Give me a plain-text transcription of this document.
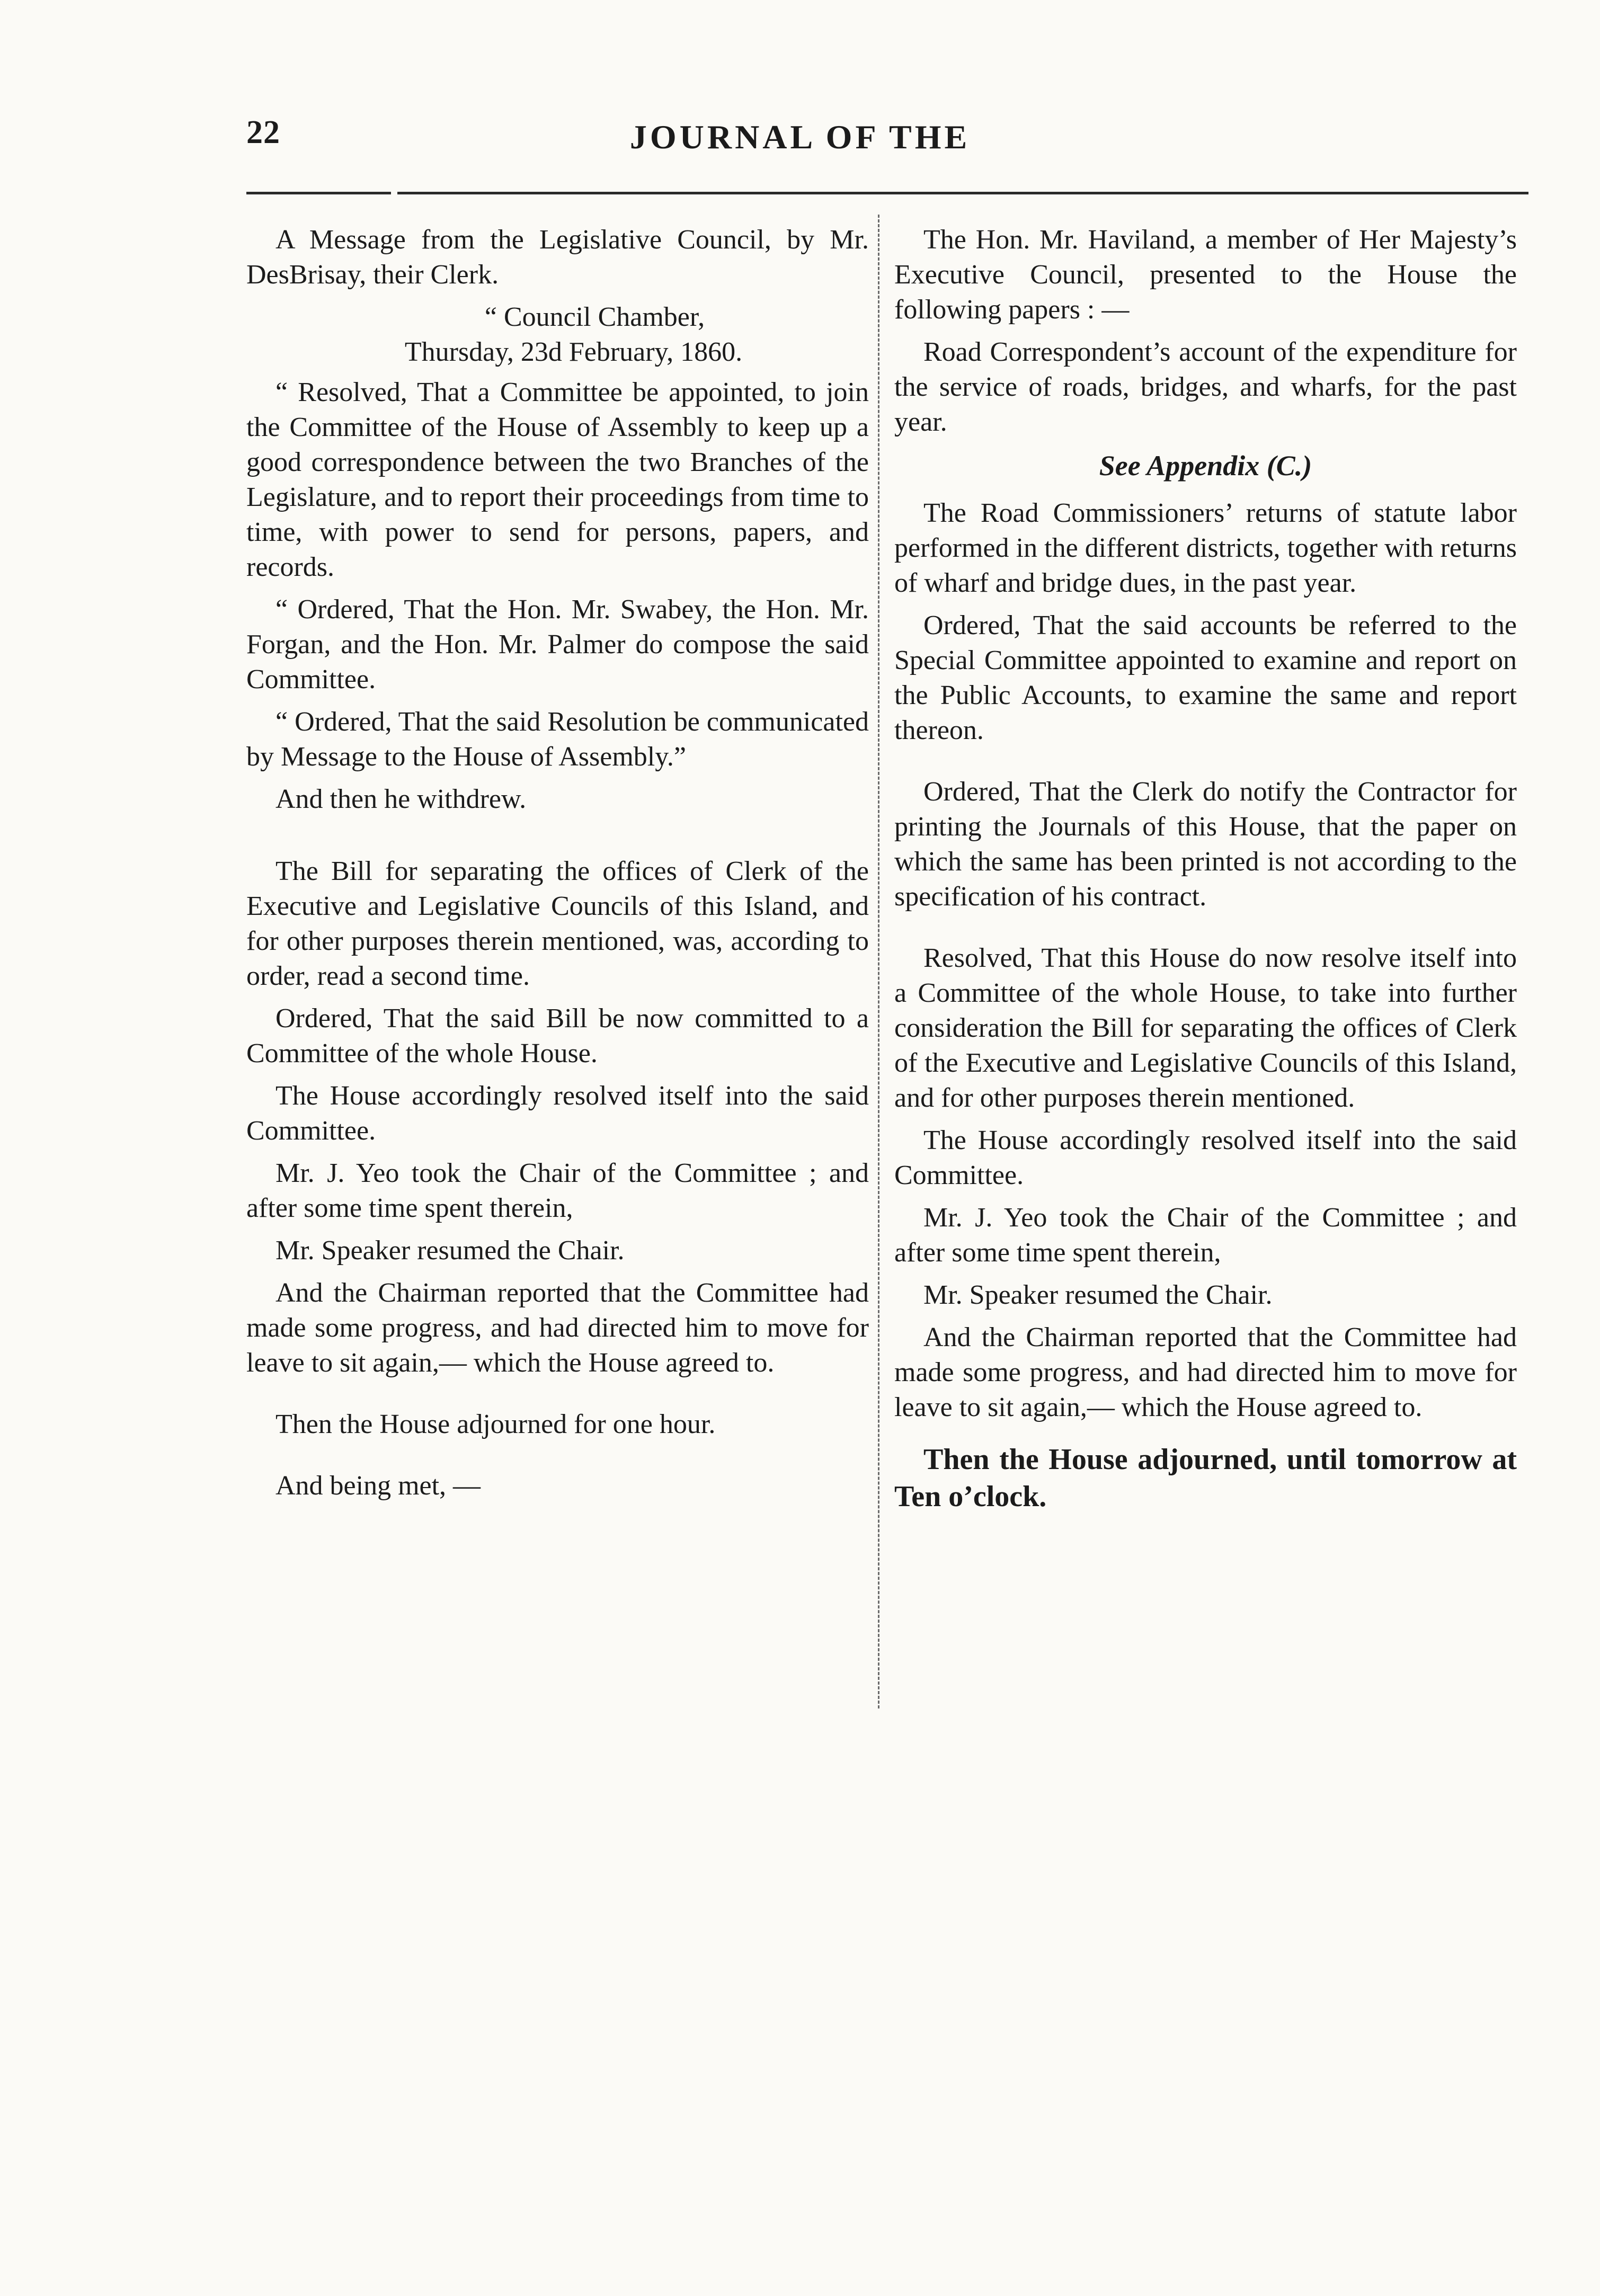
22	JOURNAL OF THE

A Message from the Legislative Council, by Mr. DesBrisay, their Clerk.

“ Council Chamber,

Thursday, 23d February, 1860.

“ Resolved, That a Committee be appointed, to join the Committee of the House of Assembly to keep up a good correspondence between the two Branches of the Legislature, and to report their proceedings from time to time, with power to send for persons, papers, and records.

“ Ordered, That the Hon. Mr. Swabey, the Hon. Mr. Forgan, and the Hon. Mr. Palmer do compose the said Committee.

“ Ordered, That the said Resolution be communicated by Message to the House of Assembly.”

And then he withdrew.

The Bill for separating the offices of Clerk of the Executive and Legislative Councils of this Island, and for other purposes therein mentioned, was, according to order, read a second time.

Ordered, That the said Bill be now committed to a Committee of the whole House.

The House accordingly resolved itself into the said Committee.

Mr. J. Yeo took the Chair of the Committee ; and after some time spent therein,

Mr. Speaker resumed the Chair.

And the Chairman reported that the Committee had made some progress, and had directed him to move for leave to sit again,— which the House agreed to.

Then the House adjourned for one hour.

And being met, —

The Hon. Mr. Haviland, a member of Her Majesty’s Executive Council, presented to the House the following papers : —

Road Correspondent’s account of the expenditure for the service of roads, bridges, and wharfs, for the past year.

See Appendix (C.)

The Road Commissioners’ returns of statute labor performed in the different districts, together with returns of wharf and bridge dues, in the past year.

Ordered, That the said accounts be referred to the Special Committee appointed to examine and report on the Public Accounts, to examine the same and report thereon.

Ordered, That the Clerk do notify the Contractor for printing the Journals of this House, that the paper on which the same has been printed is not according to the specification of his contract.

Resolved, That this House do now resolve itself into a Committee of the whole House, to take into further consideration the Bill for separating the offices of Clerk of the Executive and Legislative Councils of this Island, and for other purposes therein mentioned.

The House accordingly resolved itself into the said Committee.

Mr. J. Yeo took the Chair of the Committee ; and after some time spent therein,

Mr. Speaker resumed the Chair.

And the Chairman reported that the Committee had made some progress, and had directed him to move for leave to sit again,— which the House agreed to.

Then the House adjourned, until tomorrow at Ten o’clock.
